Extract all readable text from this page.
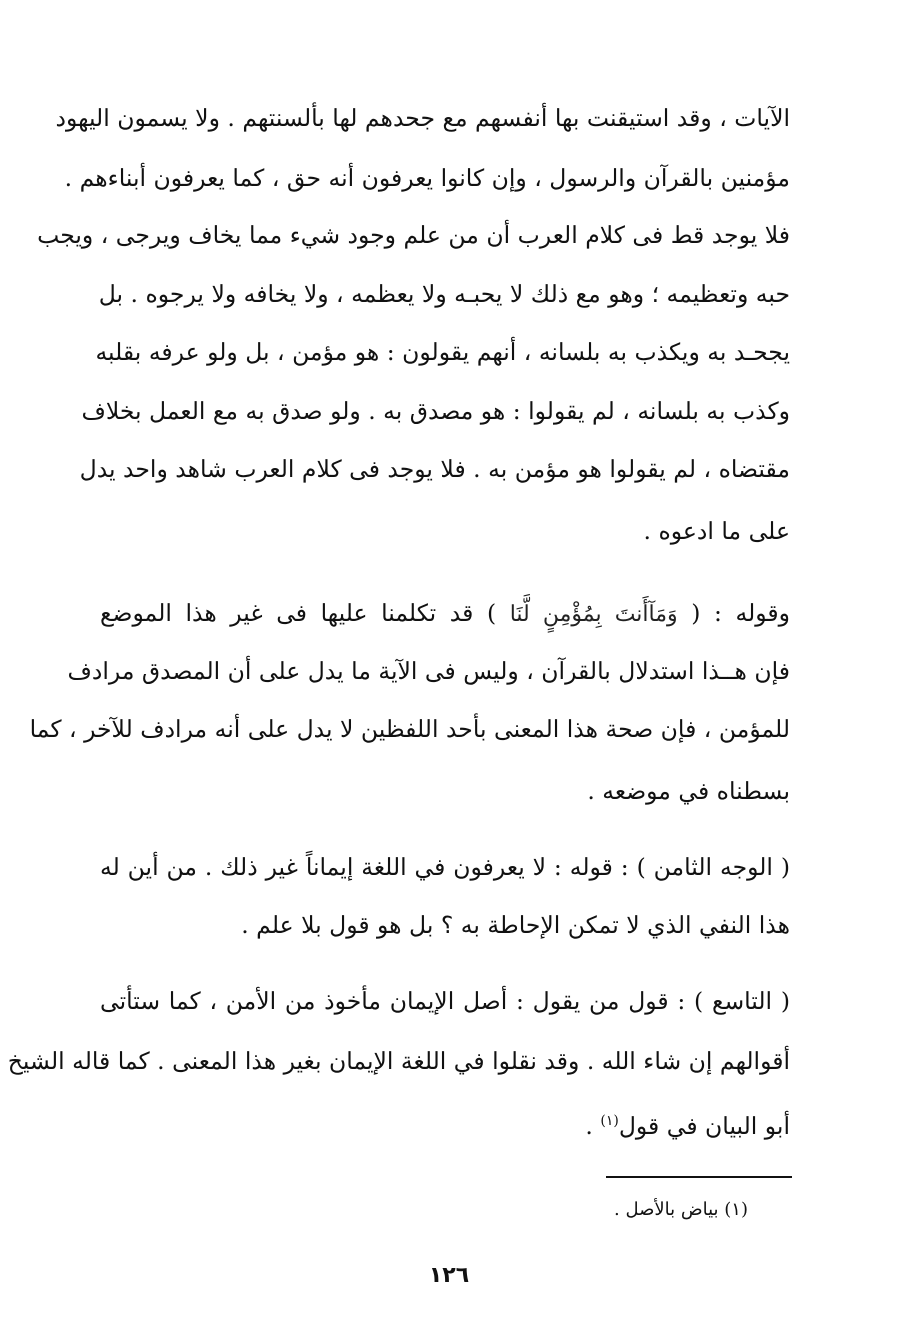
الآيات ، وقد استيقنت بها أنفسهم مع جحدهم لها بألسنتهم . ولا يسمون اليهود
مؤمنين بالقرآن والرسول ، وإن كانوا يعرفون أنه حق ، كما يعرفون أبناءهم .
فلا يوجد قط فى كلام العرب أن من علم وجود شيء مما يخاف ويرجى ، ويجب
حبه وتعظيمه ؛ وهو مع ذلك لا يحبـه ولا يعظمه ، ولا يخافه ولا يرجوه . بل
يجحـد به ويكذب به بلسانه ، أنهم يقولون : هو مؤمن ، بل ولو عرفه بقلبه
وكذب به بلسانه ، لم يقولوا : هو مصدق به . ولو صدق به مع العمل بخلاف
مقتضاه ، لم يقولوا هو مؤمن به . فلا يوجد فى كلام العرب شاهد واحد يدل
على ما ادعوه .
وقوله : ( وَمَآأَنتَ بِمُؤْمِنٍ لَّنَا ) قد تكلمنا عليها فى غير هذا الموضع
فإن هــذا استدلال بالقرآن ، وليس فى الآية ما يدل على أن المصدق مرادف
للمؤمن ، فإن صحة هذا المعنى بأحد اللفظين لا يدل على أنه مرادف للآخر ، كما
بسطناه في موضعه .
( الوجه الثامن ) : قوله : لا يعرفون في اللغة إيماناً غير ذلك . من أين له
هذا النفي الذي لا تمكن الإحاطة به ؟ بل هو قول بلا علم .
( التاسع ) : قول من يقول : أصل الإيمان مأخوذ من الأمن ، كما ستأتى
أقوالهم إن شاء الله . وقد نقلوا في اللغة الإيمان بغير هذا المعنى . كما قاله الشيخ
أبو البيان في قول$^{(١)}$ .
(١) بياض بالأصل .
١٢٦
